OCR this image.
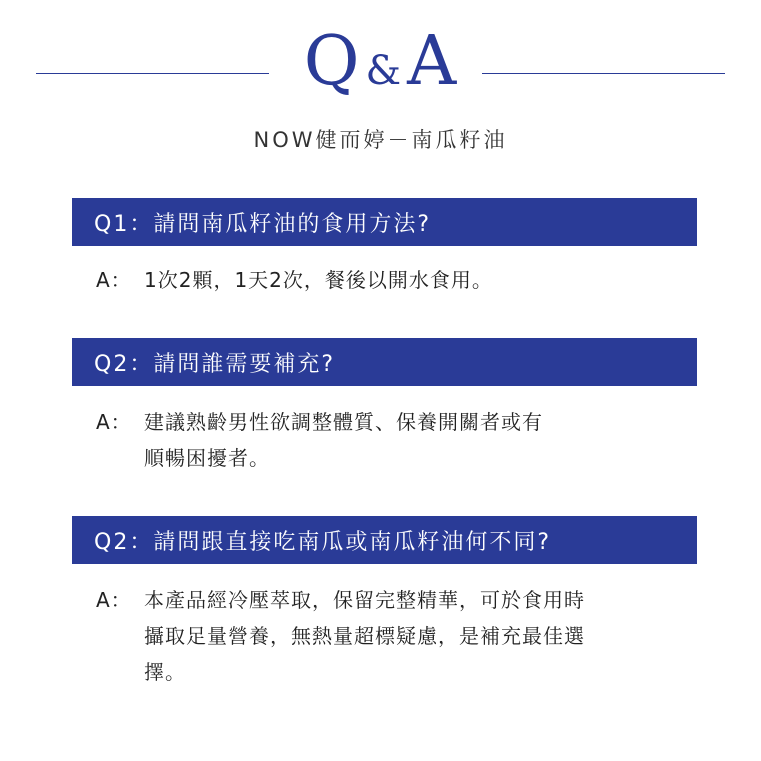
Q & A
NOW健而婷－南瓜籽油
Q1：請問南瓜籽油的食用方法?
A： 1次2顆，1天2次，餐後以開水食用。
Q2：請問誰需要補充?
A： 建議熟齡男性欲調整體質、保養開關者或有
順暢困擾者。
Q2：請問跟直接吃南瓜或南瓜籽油何不同?
A： 本產品經冷壓萃取，保留完整精華，可於食用時
攝取足量營養，無熱量超標疑慮，是補充最佳選
擇。
